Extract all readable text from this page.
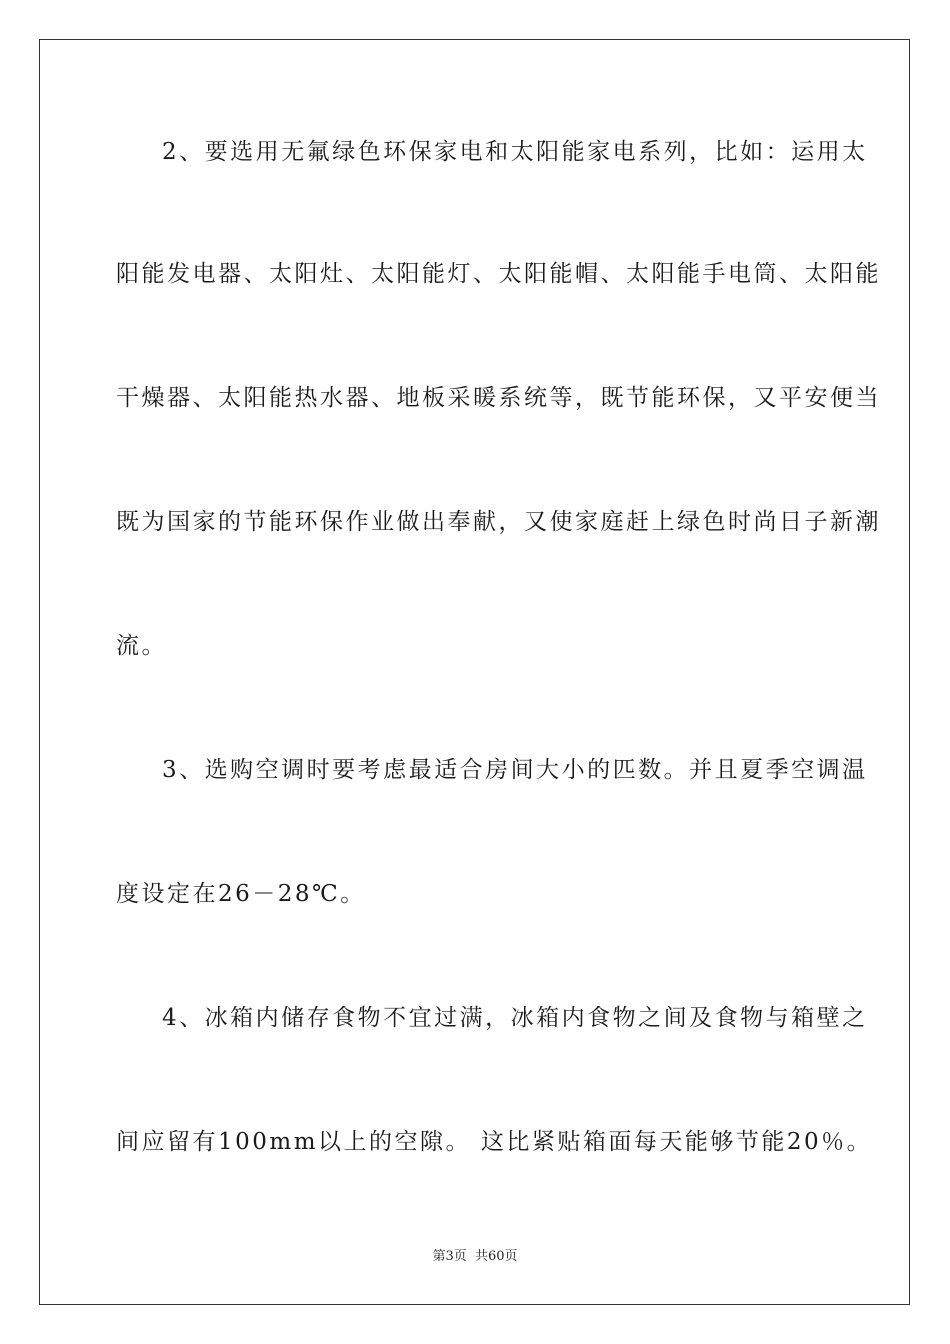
2、要选用无氟绿色环保家电和太阳能家电系列，比如：运用太
阳能发电器、太阳灶、太阳能灯、太阳能帽、太阳能手电筒、太阳能
干燥器、太阳能热水器、地板采暖系统等，既节能环保，又平安便当
既为国家的节能环保作业做出奉献，又使家庭赶上绿色时尚日子新潮
流。
3、选购空调时要考虑最适合房间大小的匹数。并且夏季空调温
度设定在26－28℃。
4、冰箱内储存食物不宜过满，冰箱内食物之间及食物与箱壁之
间应留有100mm以上的空隙。 这比紧贴箱面每天能够节能20％。
第3页 共60页
